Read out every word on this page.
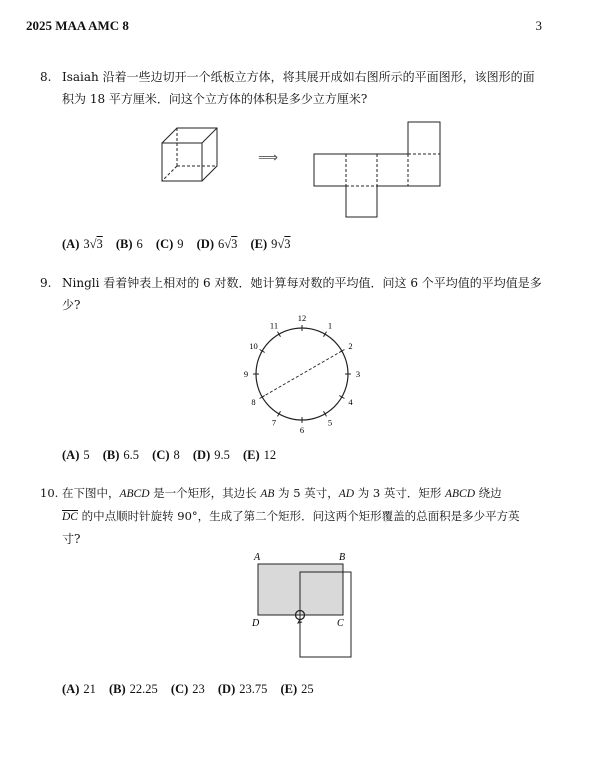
2025 MAA AMC 8	3
8. Isaiah 沿着一些边切开一个纸板立方体，将其展开成如右图所示的平面图形，该图形的面
积为 18 平方厘米．问这个立方体的体积是多少立方厘米?
⟹
(A) 3√3 (B) 6 (C) 9 (D) 6√3 (E) 9√3
9. Ningli 看着钟表上相对的 6 对数．她计算每对数的平均值．问这 6 个平均值的平均值是多
少?
12
1
2
3
4
5
6
7
8
9
10
11
(A) 5 (B) 6.5 (C) 8 (D) 9.5 (E) 12
10. 在下图中，ABCD 是一个矩形，其边长 AB 为 5 英寸，AD 为 3 英寸．矩形 ABCD 绕边
$\overline{DC}$ 的中点顺时针旋转 90°，生成了第二个矩形．问这两个矩形覆盖的总面积是多少平方英
寸?
A	B
D	C
(A) 21 (B) 22.25 (C) 23 (D) 23.75 (E) 25
